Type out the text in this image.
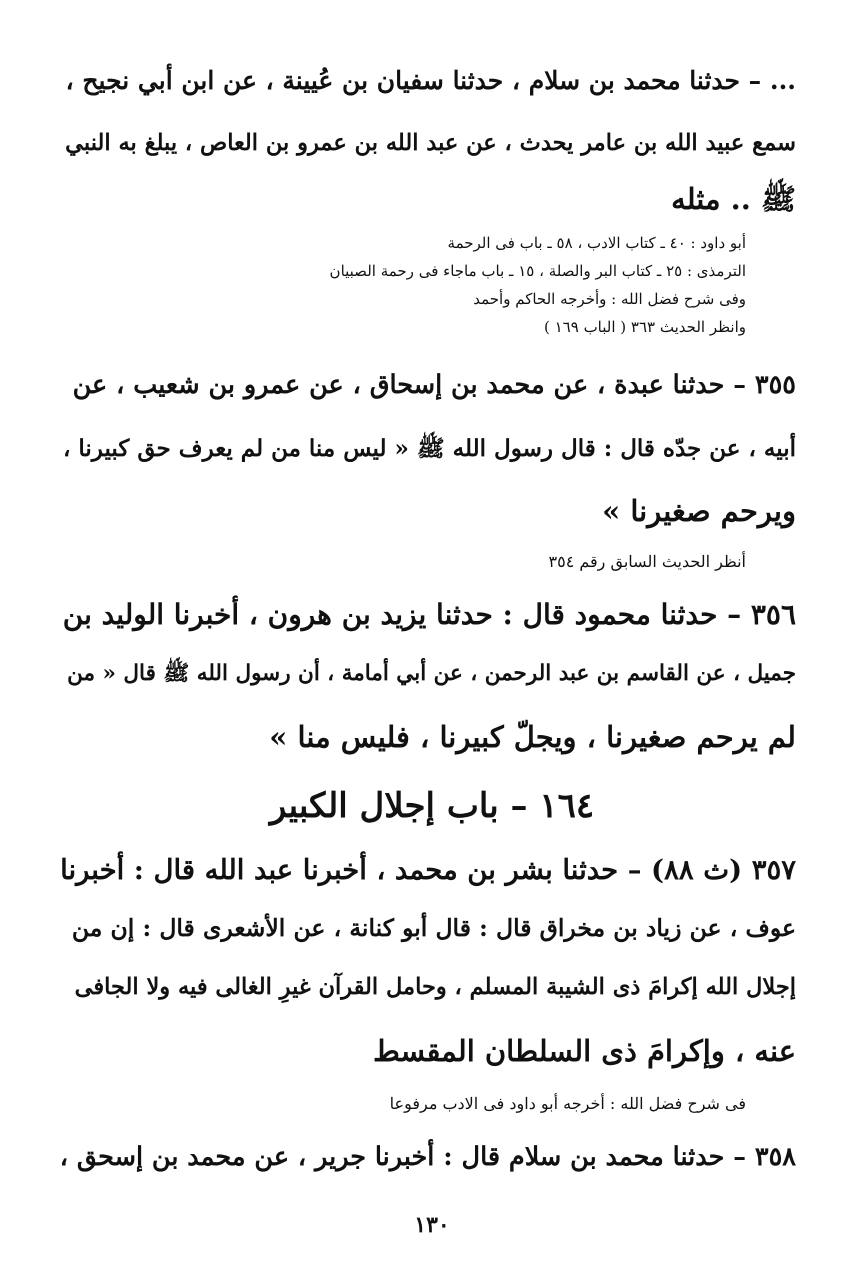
... – حدثنا محمد بن سلام ، حدثنا سفيان بن عُيينة ، عن ابن أبي نجيح ،
سمع عبيد الله بن عامر يحدث ، عن عبد الله بن عمرو بن العاص ، يبلغ به النبي
ﷺ .. مثله
أبو داود : ٤٠ ـ كتاب الادب ، ٥٨ ـ باب فى الرحمة
الترمذى : ٢٥ ـ كتاب البر والصلة ، ١٥ ـ باب ماجاء فى رحمة الصبيان
وفى شرح فضل الله : وأخرجه الحاكم وأحمد
وانظر الحديث ٣٦٣ ( الباب ١٦٩ )
٣٥٥ – حدثنا عبدة ، عن محمد بن إسحاق ، عن عمرو بن شعيب ، عن
أبيه ، عن جدّه قال : قال رسول الله ﷺ « ليس منا من لم يعرف حق كبيرنا ،
ويرحم صغيرنا »
أنظر الحديث السابق رقم ٣٥٤
٣٥٦ – حدثنا محمود قال : حدثنا يزيد بن هرون ، أخبرنا الوليد بن
جميل ، عن القاسم بن عبد الرحمن ، عن أبي أمامة ، أن رسول الله ﷺ قال « من
لم يرحم صغيرنا ، ويجلّ كبيرنا ، فليس منا »
١٦٤ – باب إجلال الكبير
٣٥٧ (ث ٨٨) – حدثنا بشر بن محمد ، أخبرنا عبد الله قال : أخبرنا
عوف ، عن زياد بن مخراق قال : قال أبو كنانة ، عن الأشعرى قال : إن من
إجلال الله إكرامَ ذى الشيبة المسلم ، وحامل القرآن غيرِ الغالى فيه ولا الجافى
عنه ، وإكرامَ ذى السلطان المقسط
فى شرح فضل الله : أخرجه أبو داود فى الادب مرفوعا
٣٥٨ – حدثنا محمد بن سلام قال : أخبرنا جرير ، عن محمد بن إسحق ،
١٣٠
